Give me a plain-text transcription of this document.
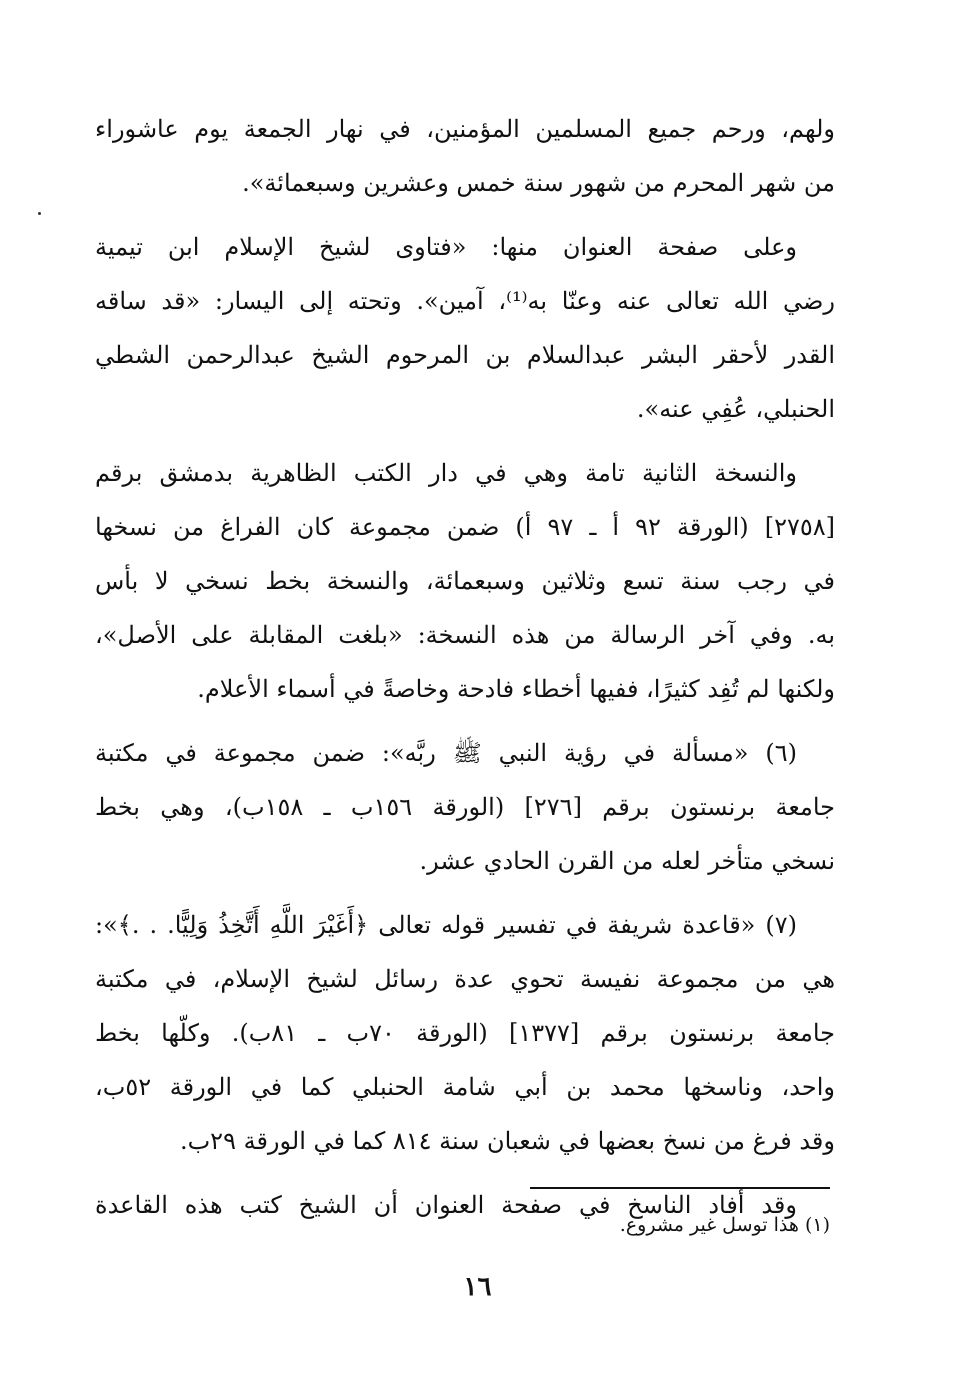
ولهم، ورحم جميع المسلمين المؤمنين، في نهار الجمعة يوم عاشوراء
من شهر المحرم من شهور سنة خمس وعشرين وسبعمائة».
وعلى صفحة العنوان منها: «فتاوى لشيخ الإسلام ابن تيمية
رضي الله تعالى عنه وعنّا به⁽¹⁾، آمين». وتحته إلى اليسار: «قد ساقه
القدر لأحقر البشر عبدالسلام بن المرحوم الشيخ عبدالرحمن الشطي
الحنبلي، عُفِي عنه».
والنسخة الثانية تامة وهي في دار الكتب الظاهرية بدمشق برقم
[٢٧٥٨] (الورقة ٩٢ أ ـ ٩٧ أ) ضمن مجموعة كان الفراغ من نسخها
في رجب سنة تسع وثلاثين وسبعمائة، والنسخة بخط نسخي لا بأس
به. وفي آخر الرسالة من هذه النسخة: «بلغت المقابلة على الأصل»،
ولكنها لم تُفِد كثيرًا، ففيها أخطاء فادحة وخاصةً في أسماء الأعلام.
(٦) «مسألة في رؤية النبي ﷺ ربَّه»: ضمن مجموعة في مكتبة
جامعة برنستون برقم [٢٧٦] (الورقة ١٥٦ب ـ ١٥٨ب)، وهي بخط
نسخي متأخر لعله من القرن الحادي عشر.
(٧) «قاعدة شريفة في تفسير قوله تعالى ﴿أَغَيْرَ اللَّهِ أَتَّخِذُ وَلِيًّا. . .﴾»:
هي من مجموعة نفيسة تحوي عدة رسائل لشيخ الإسلام، في مكتبة
جامعة برنستون برقم [١٣٧٧] (الورقة ٧٠ب ـ ٨١ب). وكلّها بخط
واحد، وناسخها محمد بن أبي شامة الحنبلي كما في الورقة ٥٢ب،
وقد فرغ من نسخ بعضها في شعبان سنة ٨١٤ كما في الورقة ٢٩ب.
وقد أفاد الناسخ في صفحة العنوان أن الشيخ كتب هذه القاعدة
(١) هذا توسل غير مشروع.
١٦
